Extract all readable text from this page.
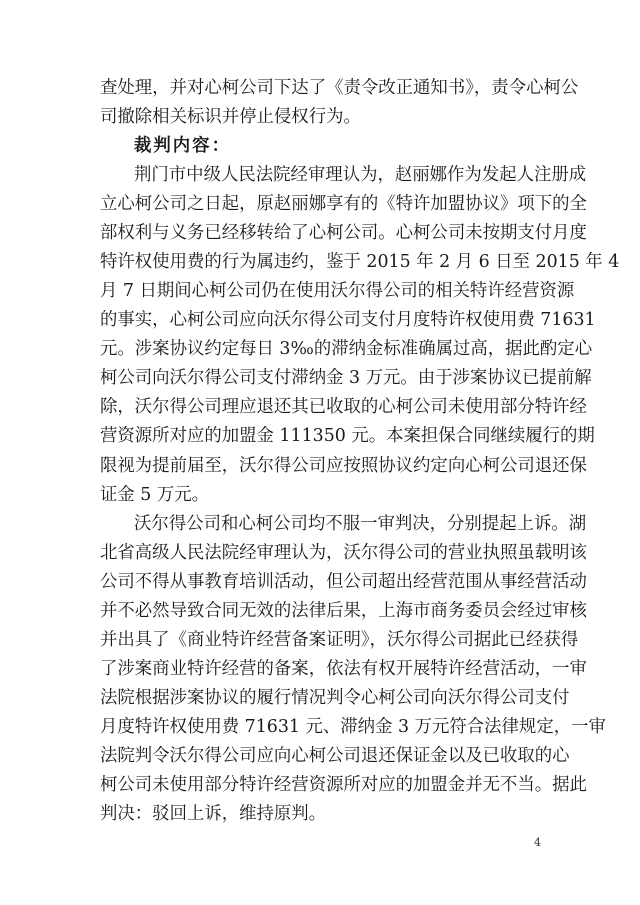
查处理，并对心柯公司下达了《责令改正通知书》，责令心柯公
司撤除相关标识并停止侵权行为。
裁判内容：
荆门市中级人民法院经审理认为，赵丽娜作为发起人注册成
立心柯公司之日起，原赵丽娜享有的《特许加盟协议》项下的全
部权利与义务已经移转给了心柯公司。心柯公司未按期支付月度
特许权使用费的行为属违约，鉴于 2015 年 2 月 6 日至 2015 年 4
月 7 日期间心柯公司仍在使用沃尔得公司的相关特许经营资源
的事实，心柯公司应向沃尔得公司支付月度特许权使用费 71631
元。涉案协议约定每日 3‰的滞纳金标准确属过高，据此酌定心
柯公司向沃尔得公司支付滞纳金 3 万元。由于涉案协议已提前解
除，沃尔得公司理应退还其已收取的心柯公司未使用部分特许经
营资源所对应的加盟金 111350 元。本案担保合同继续履行的期
限视为提前届至，沃尔得公司应按照协议约定向心柯公司退还保
证金 5 万元。
沃尔得公司和心柯公司均不服一审判决，分别提起上诉。湖
北省高级人民法院经审理认为，沃尔得公司的营业执照虽载明该
公司不得从事教育培训活动，但公司超出经营范围从事经营活动
并不必然导致合同无效的法律后果，上海市商务委员会经过审核
并出具了《商业特许经营备案证明》，沃尔得公司据此已经获得
了涉案商业特许经营的备案，依法有权开展特许经营活动，一审
法院根据涉案协议的履行情况判令心柯公司向沃尔得公司支付
月度特许权使用费 71631 元、滞纳金 3 万元符合法律规定，一审
法院判令沃尔得公司应向心柯公司退还保证金以及已收取的心
柯公司未使用部分特许经营资源所对应的加盟金并无不当。据此
判决：驳回上诉，维持原判。
4
